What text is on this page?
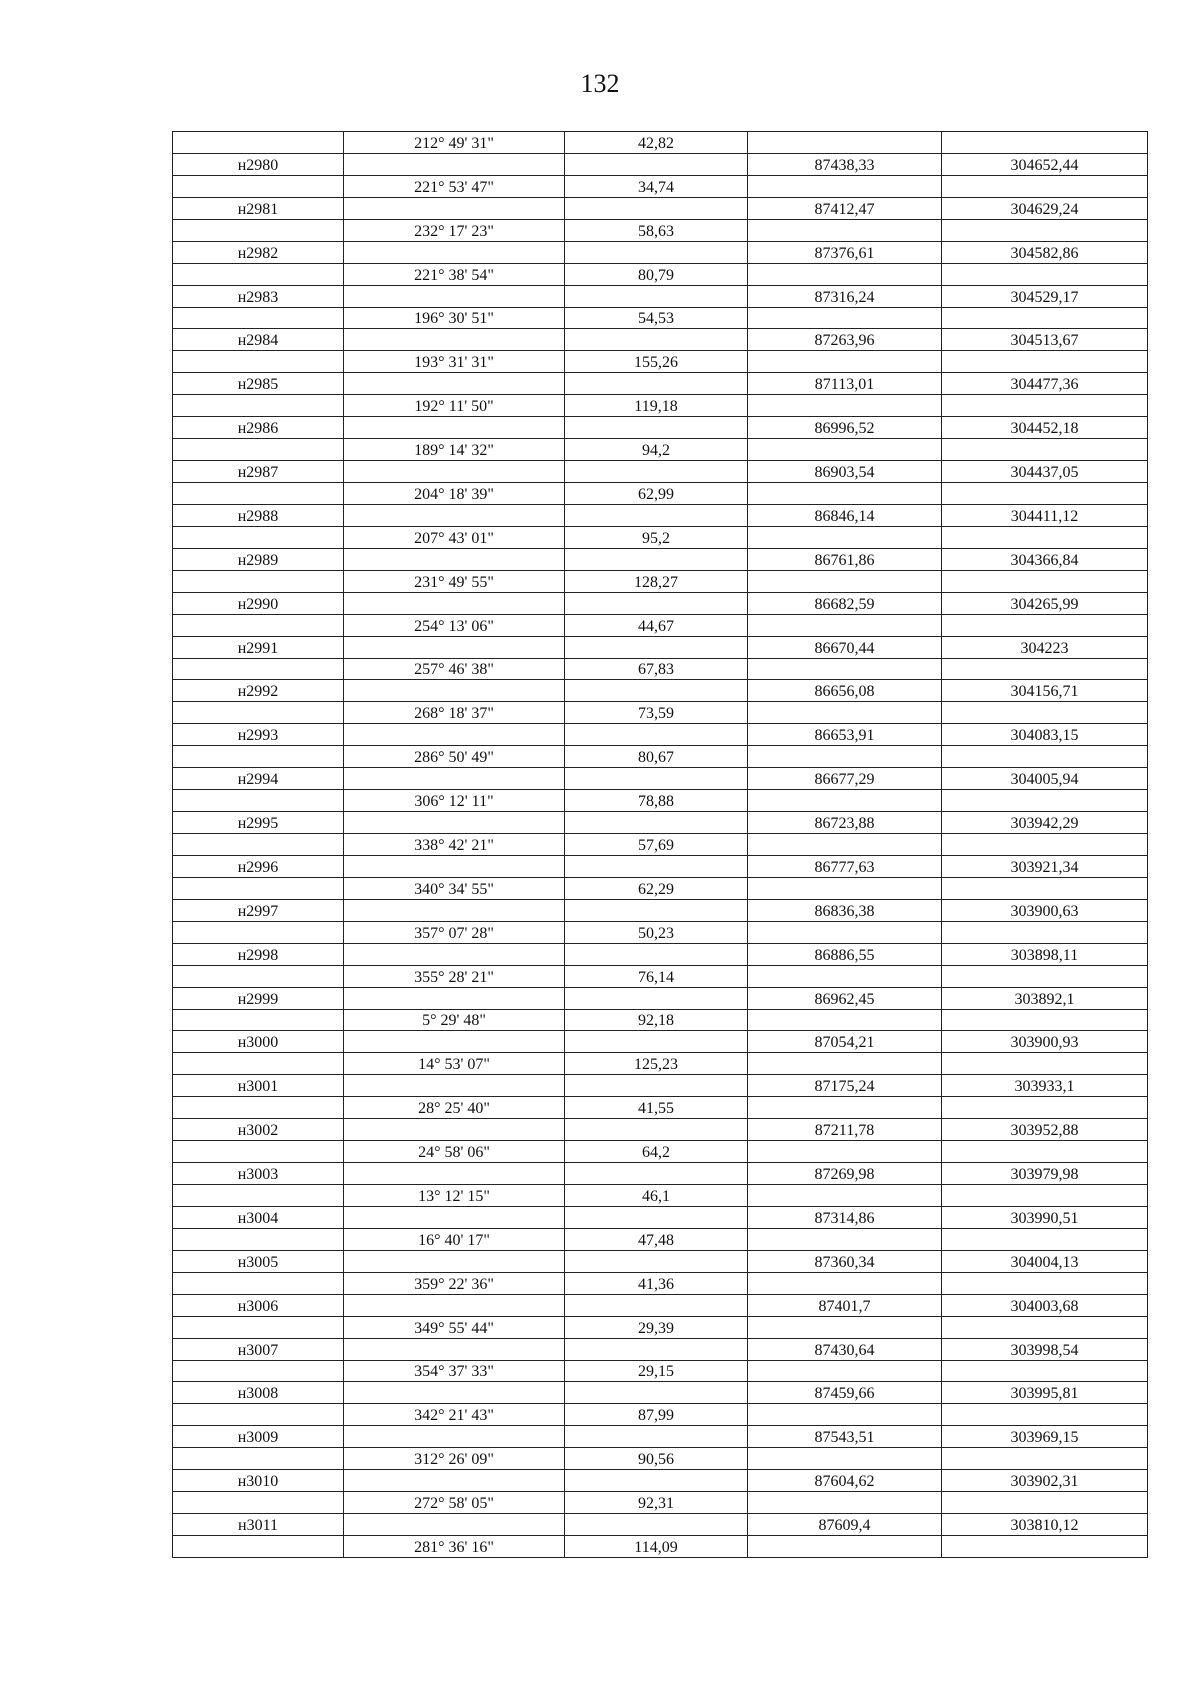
132
	212° 49' 31"	42,82		
н2980			87438,33	304652,44
	221° 53' 47"	34,74		
н2981			87412,47	304629,24
	232° 17' 23"	58,63		
н2982			87376,61	304582,86
	221° 38' 54"	80,79		
н2983			87316,24	304529,17
	196° 30' 51"	54,53		
н2984			87263,96	304513,67
	193° 31' 31"	155,26		
н2985			87113,01	304477,36
	192° 11' 50"	119,18		
н2986			86996,52	304452,18
	189° 14' 32"	94,2		
н2987			86903,54	304437,05
	204° 18' 39"	62,99		
н2988			86846,14	304411,12
	207° 43' 01"	95,2		
н2989			86761,86	304366,84
	231° 49' 55"	128,27		
н2990			86682,59	304265,99
	254° 13' 06"	44,67		
н2991			86670,44	304223
	257° 46' 38"	67,83		
н2992			86656,08	304156,71
	268° 18' 37"	73,59		
н2993			86653,91	304083,15
	286° 50' 49"	80,67		
н2994			86677,29	304005,94
	306° 12' 11"	78,88		
н2995			86723,88	303942,29
	338° 42' 21"	57,69		
н2996			86777,63	303921,34
	340° 34' 55"	62,29		
н2997			86836,38	303900,63
	357° 07' 28"	50,23		
н2998			86886,55	303898,11
	355° 28' 21"	76,14		
н2999			86962,45	303892,1
	5° 29' 48"	92,18		
н3000			87054,21	303900,93
	14° 53' 07"	125,23		
н3001			87175,24	303933,1
	28° 25' 40"	41,55		
н3002			87211,78	303952,88
	24° 58' 06"	64,2		
н3003			87269,98	303979,98
	13° 12' 15"	46,1		
н3004			87314,86	303990,51
	16° 40' 17"	47,48		
н3005			87360,34	304004,13
	359° 22' 36"	41,36		
н3006			87401,7	304003,68
	349° 55' 44"	29,39		
н3007			87430,64	303998,54
	354° 37' 33"	29,15		
н3008			87459,66	303995,81
	342° 21' 43"	87,99		
н3009			87543,51	303969,15
	312° 26' 09"	90,56		
н3010			87604,62	303902,31
	272° 58' 05"	92,31		
н3011			87609,4	303810,12
	281° 36' 16"	114,09		
